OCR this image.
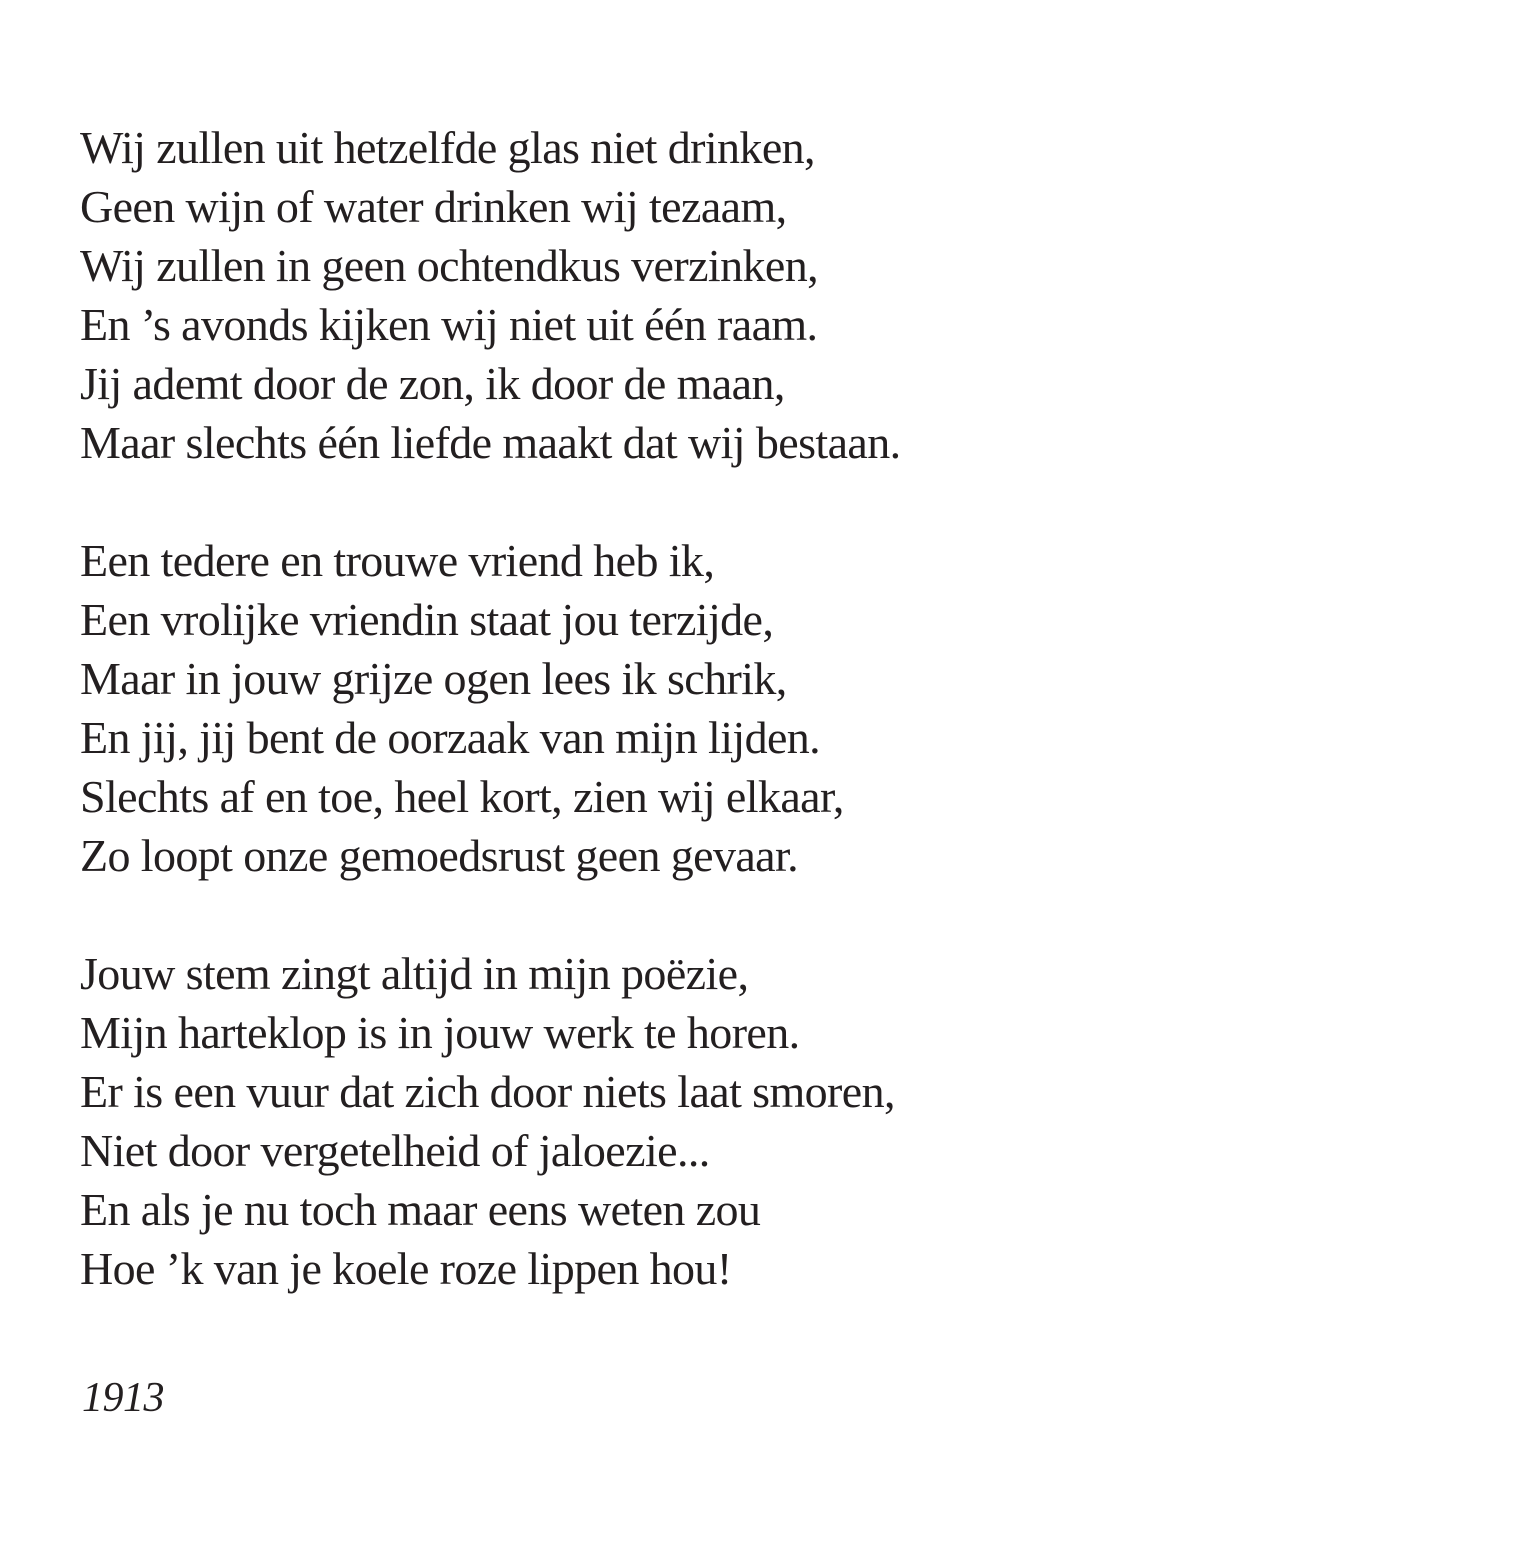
Wij zullen uit hetzelfde glas niet drinken,
Geen wijn of water drinken wij tezaam,
Wij zullen in geen ochtendkus verzinken,
En ’s avonds kijken wij niet uit één raam.
Jij ademt door de zon, ik door de maan,
Maar slechts één liefde maakt dat wij bestaan.
Een tedere en trouwe vriend heb ik,
Een vrolijke vriendin staat jou terzijde,
Maar in jouw grijze ogen lees ik schrik,
En jij, jij bent de oorzaak van mijn lijden.
Slechts af en toe, heel kort, zien wij elkaar,
Zo loopt onze gemoedsrust geen gevaar.
Jouw stem zingt altijd in mijn poëzie,
Mijn harteklop is in jouw werk te horen.
Er is een vuur dat zich door niets laat smoren,
Niet door vergetelheid of jaloezie...
En als je nu toch maar eens weten zou
Hoe ’k van je koele roze lippen hou!
1913
